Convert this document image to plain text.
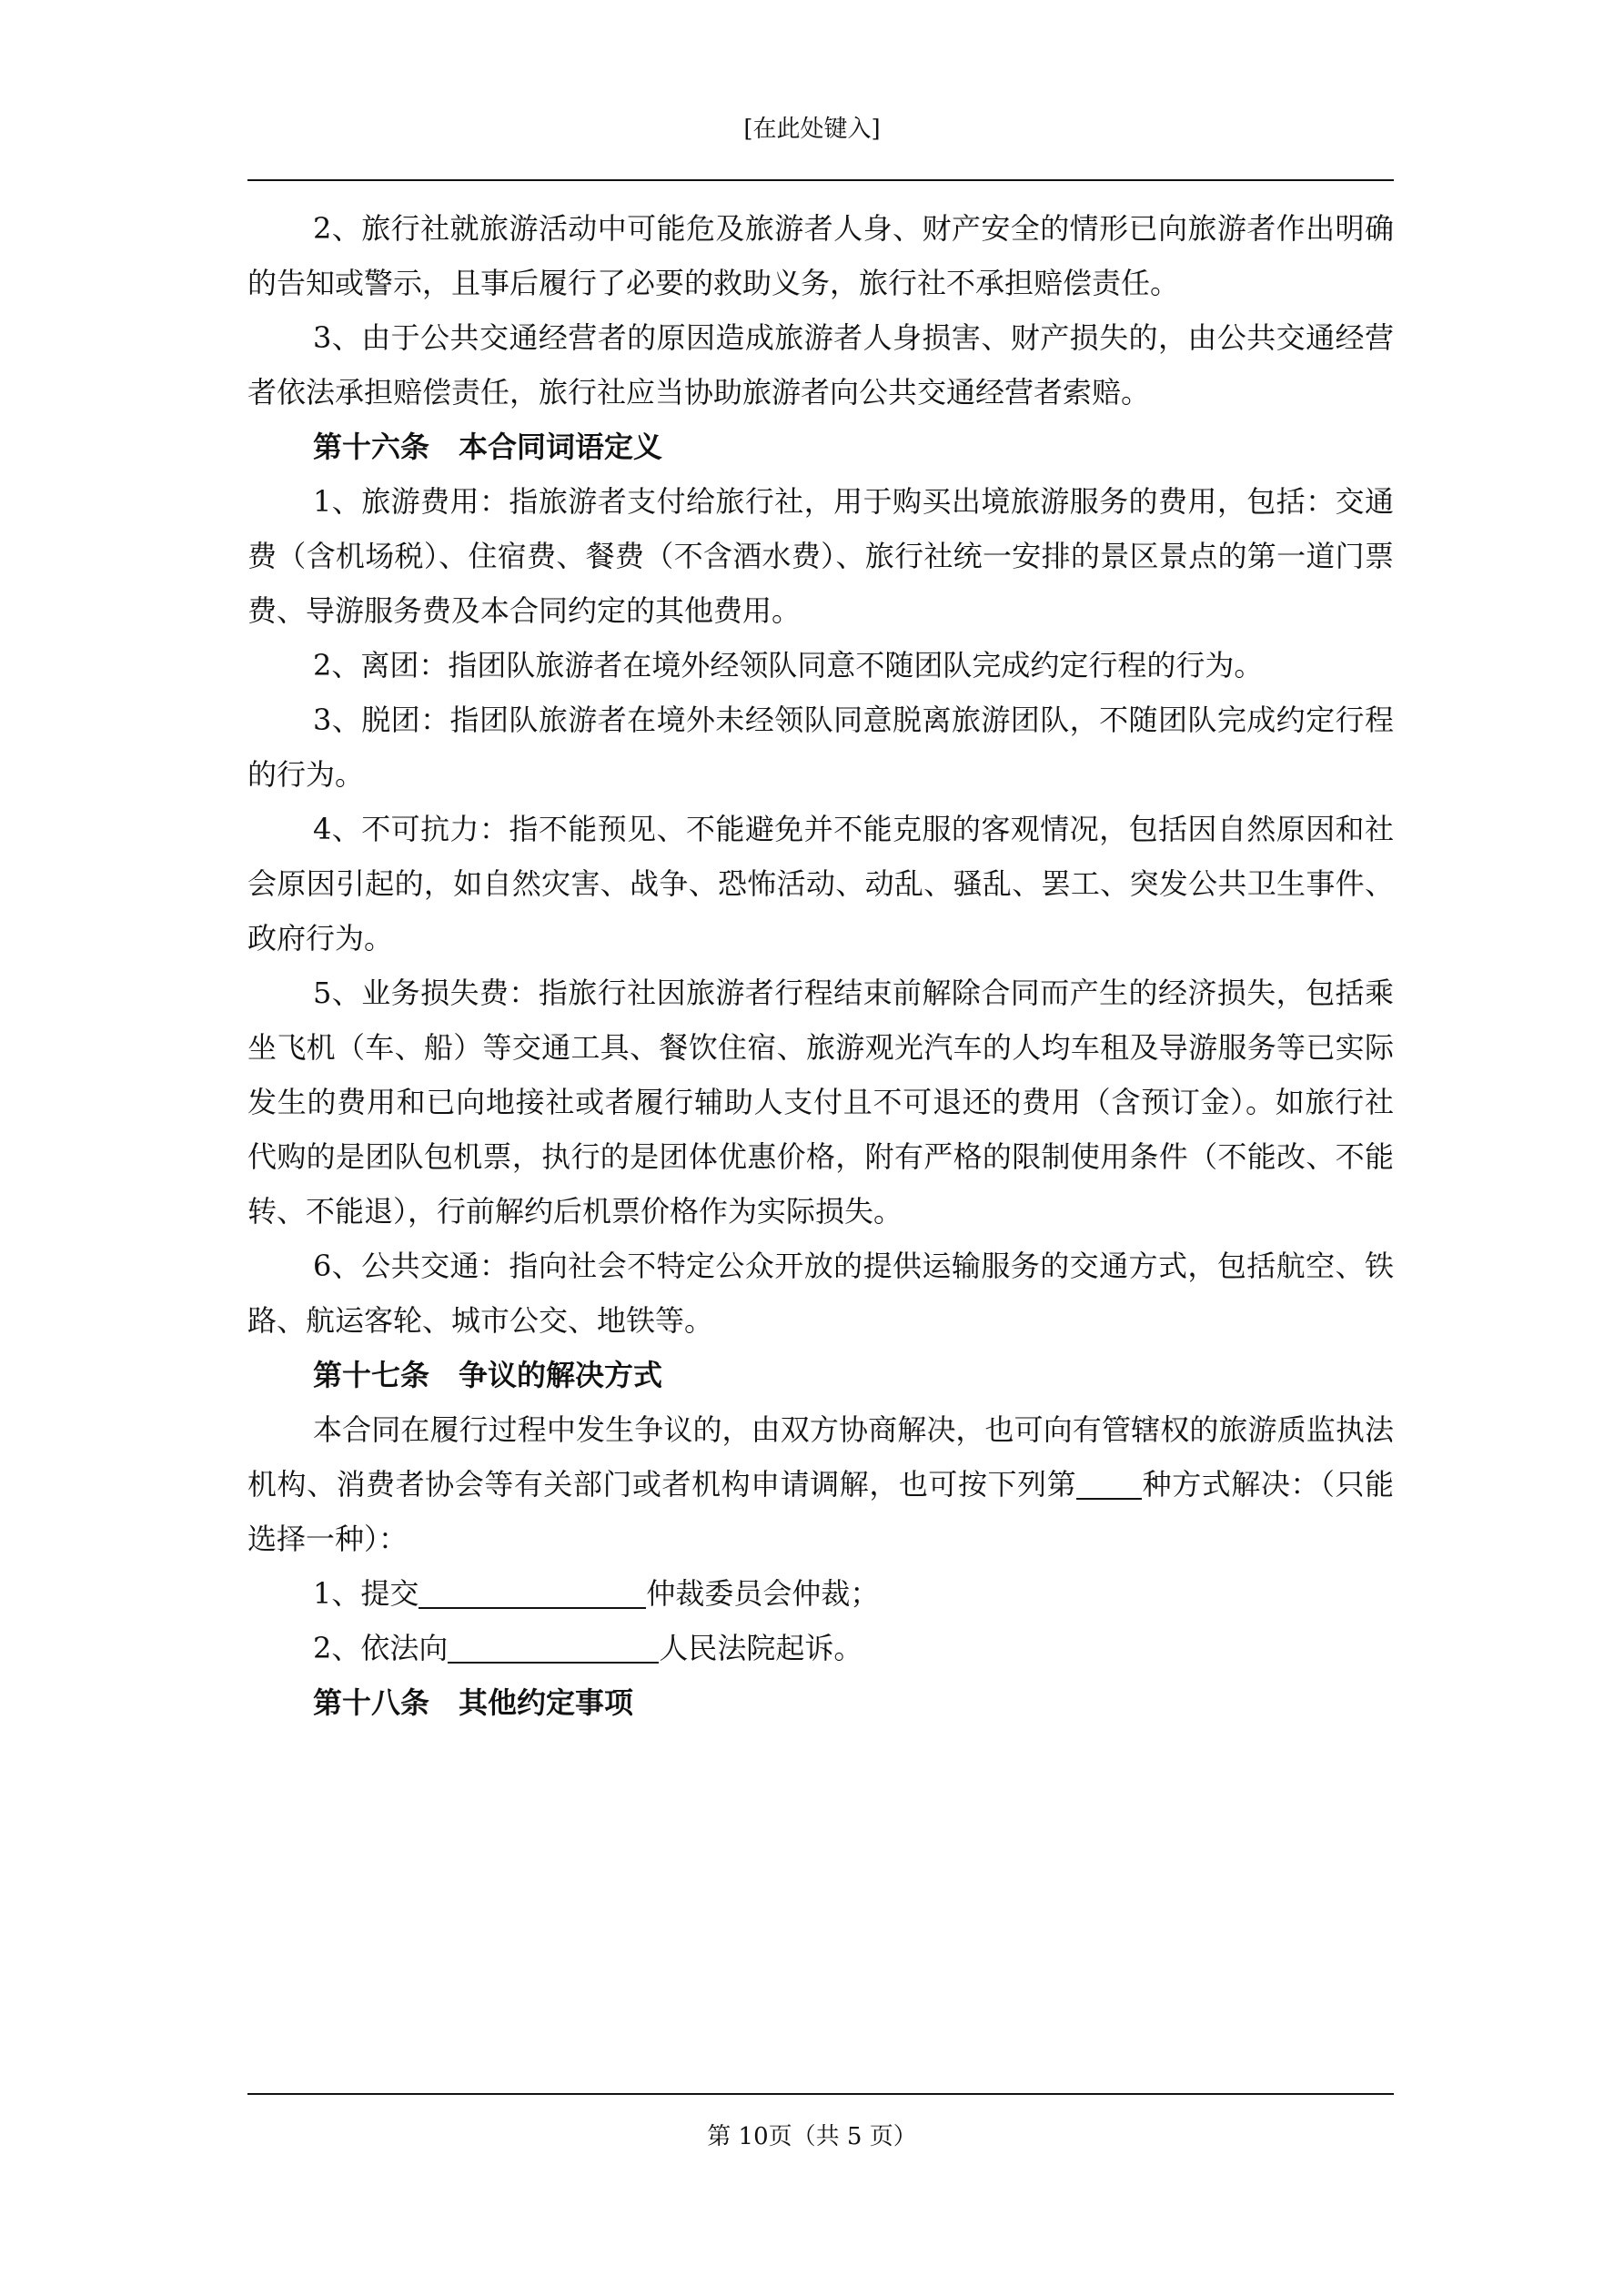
[在此处键入]

2、旅行社就旅游活动中可能危及旅游者人身、财产安全的情形已向旅游者作出明确的告知或警示，且事后履行了必要的救助义务，旅行社不承担赔偿责任。

3、由于公共交通经营者的原因造成旅游者人身损害、财产损失的，由公共交通经营者依法承担赔偿责任，旅行社应当协助旅游者向公共交通经营者索赔。

第十六条　本合同词语定义

1、旅游费用：指旅游者支付给旅行社，用于购买出境旅游服务的费用，包括：交通费（含机场税）、住宿费、餐费（不含酒水费）、旅行社统一安排的景区景点的第一道门票费、导游服务费及本合同约定的其他费用。

2、离团：指团队旅游者在境外经领队同意不随团队完成约定行程的行为。

3、脱团：指团队旅游者在境外未经领队同意脱离旅游团队，不随团队完成约定行程的行为。

4、不可抗力：指不能预见、不能避免并不能克服的客观情况，包括因自然原因和社会原因引起的，如自然灾害、战争、恐怖活动、动乱、骚乱、罢工、突发公共卫生事件、政府行为。

5、业务损失费：指旅行社因旅游者行程结束前解除合同而产生的经济损失，包括乘坐飞机（车、船）等交通工具、餐饮住宿、旅游观光汽车的人均车租及导游服务等已实际发生的费用和已向地接社或者履行辅助人支付且不可退还的费用（含预订金）。如旅行社代购的是团队包机票，执行的是团体优惠价格，附有严格的限制使用条件（不能改、不能转、不能退），行前解约后机票价格作为实际损失。

6、公共交通：指向社会不特定公众开放的提供运输服务的交通方式，包括航空、铁路、航运客轮、城市公交、地铁等。

第十七条　争议的解决方式

本合同在履行过程中发生争议的，由双方协商解决，也可向有管辖权的旅游质监执法机构、消费者协会等有关部门或者机构申请调解，也可按下列第 种方式解决：（只能选择一种）：

1、提交	仲裁委员会仲裁；

2、依法向	人民法院起诉。

第十八条　其他约定事项

第 10页（共 5 页）
